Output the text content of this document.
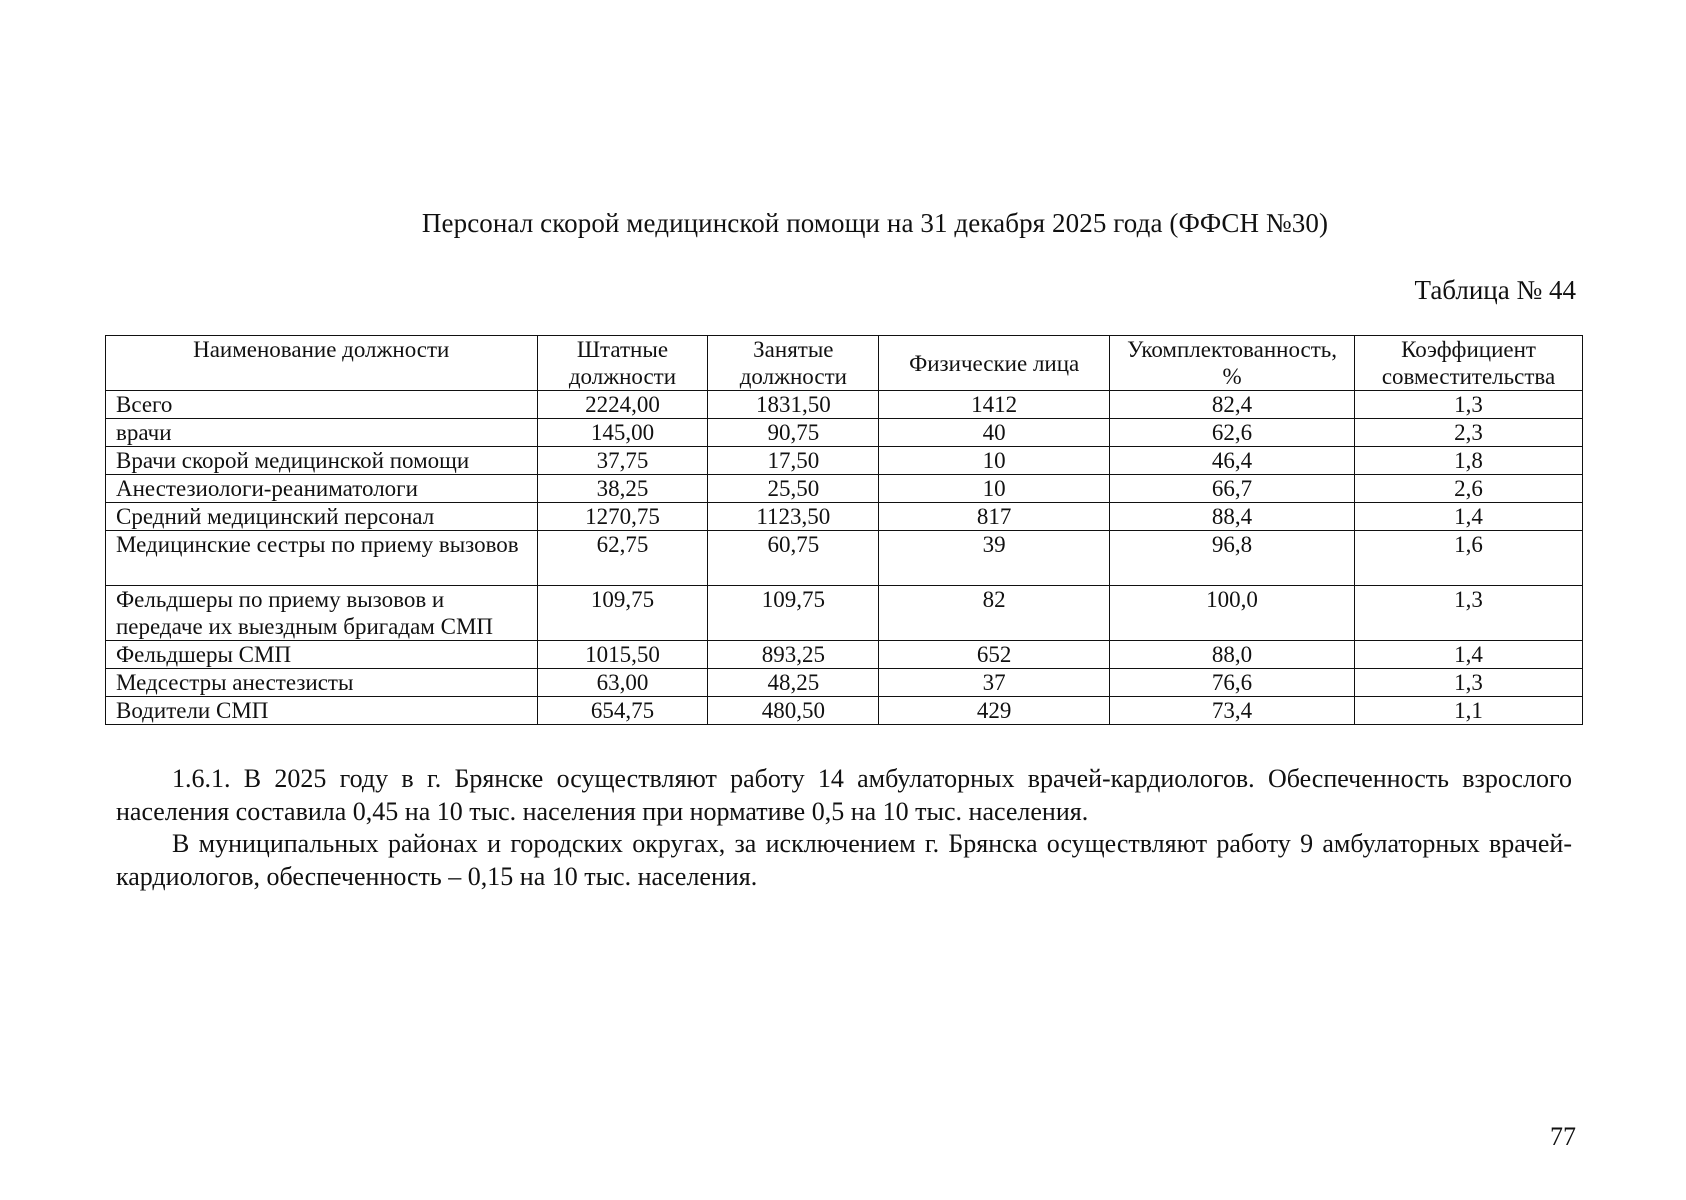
Персонал скорой медицинской помощи на 31 декабря 2025 года (ФФСН №30)
Таблица № 44
Наименование должности	Штатные должности	Занятые должности	Физические лица	Укомплектованность, %	Коэффициент совместительства
Всего	2224,00	1831,50	1412	82,4	1,3
врачи	145,00	90,75	40	62,6	2,3
Врачи скорой медицинской помощи	37,75	17,50	10	46,4	1,8
Анестезиологи-реаниматологи	38,25	25,50	10	66,7	2,6
Средний медицинский персонал	1270,75	1123,50	817	88,4	1,4
Медицинские сестры по приему вызовов	62,75	60,75	39	96,8	1,6
Фельдшеры по приему вызовов и передаче их выездным бригадам СМП	109,75	109,75	82	100,0	1,3
Фельдшеры СМП	1015,50	893,25	652	88,0	1,4
Медсестры анестезисты	63,00	48,25	37	76,6	1,3
Водители СМП	654,75	480,50	429	73,4	1,1
1.6.1. В 2025 году в г. Брянске осуществляют работу 14 амбулаторных врачей-кардиологов. Обеспеченность взрослого населения составила 0,45 на 10 тыс. населения при нормативе 0,5 на 10 тыс. населения.
В муниципальных районах и городских округах, за исключением г. Брянска осуществляют работу 9 амбулаторных врачей-кардиологов, обеспеченность – 0,15 на 10 тыс. населения.
77
